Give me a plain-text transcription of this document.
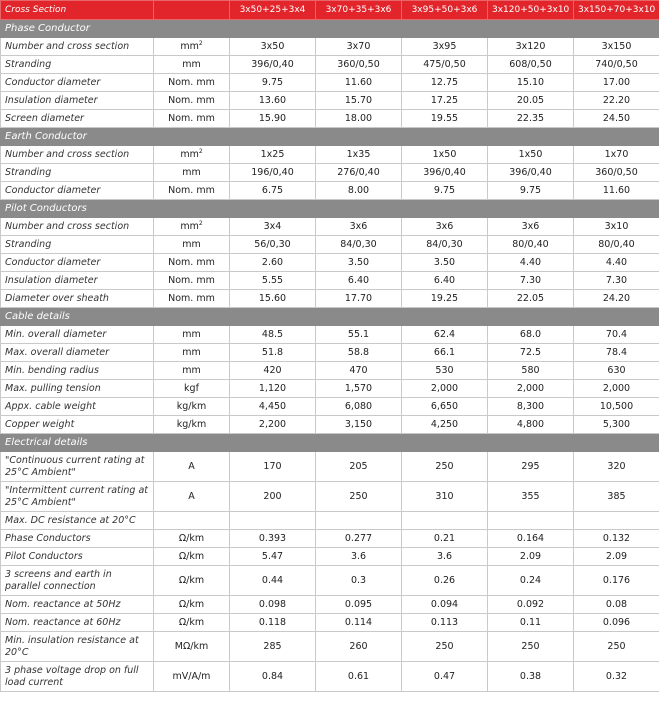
Cross Section		3x50+25+3x4	3x70+35+3x6	3x95+50+3x6	3x120+50+3x10	3x150+70+3x10
Phase Conductor						
Number and cross section	$mm^2$	3x50	3x70	3x95	3x120	3x150
Stranding	mm	396/0,40	360/0,50	475/0,50	608/0,50	740/0,50
Conductor diameter	Nom. mm	9.75	11.60	12.75	15.10	17.00
Insulation diameter	Nom. mm	13.60	15.70	17.25	20.05	22.20
Screen diameter	Nom. mm	15.90	18.00	19.55	22.35	24.50
Earth Conductor						
Number and cross section	$mm^2$	1x25	1x35	1x50	1x50	1x70
Stranding	mm	196/0,40	276/0,40	396/0,40	396/0,40	360/0,50
Conductor diameter	Nom. mm	6.75	8.00	9.75	9.75	11.60
Pilot Conductors						
Number and cross section	$mm^2$	3x4	3x6	3x6	3x6	3x10
Stranding	mm	56/0,30	84/0,30	84/0,30	80/0,40	80/0,40
Conductor diameter	Nom. mm	2.60	3.50	3.50	4.40	4.40
Insulation diameter	Nom. mm	5.55	6.40	6.40	7.30	7.30
Diameter over sheath	Nom. mm	15.60	17.70	19.25	22.05	24.20
Cable details						
Min. overall diameter	mm	48.5	55.1	62.4	68.0	70.4
Max. overall diameter	mm	51.8	58.8	66.1	72.5	78.4
Min. bending radius	mm	420	470	530	580	630
Max. pulling tension	kgf	1,120	1,570	2,000	2,000	2,000
Appx. cable weight	kg/km	4,450	6,080	6,650	8,300	10,500
Copper weight	kg/km	2,200	3,150	4,250	4,800	5,300
Electrical details						
"Continuous current rating at 25°C Ambient"	A	170	205	250	295	320
"Intermittent current rating at 25°C Ambient"	A	200	250	310	355	385
Max. DC resistance at 20°C						
Phase Conductors	Ω/km	0.393	0.277	0.21	0.164	0.132
Pilot Conductors	Ω/km	5.47	3.6	3.6	2.09	2.09
3 screens and earth in parallel connection	Ω/km	0.44	0.3	0.26	0.24	0.176
Nom. reactance at 50Hz	Ω/km	0.098	0.095	0.094	0.092	0.08
Nom. reactance at 60Hz	Ω/km	0.118	0.114	0.113	0.11	0.096
Min. insulation resistance at 20°C	MΩ/km	285	260	250	250	250
3 phase voltage drop on full load current	mV/A/m	0.84	0.61	0.47	0.38	0.32
